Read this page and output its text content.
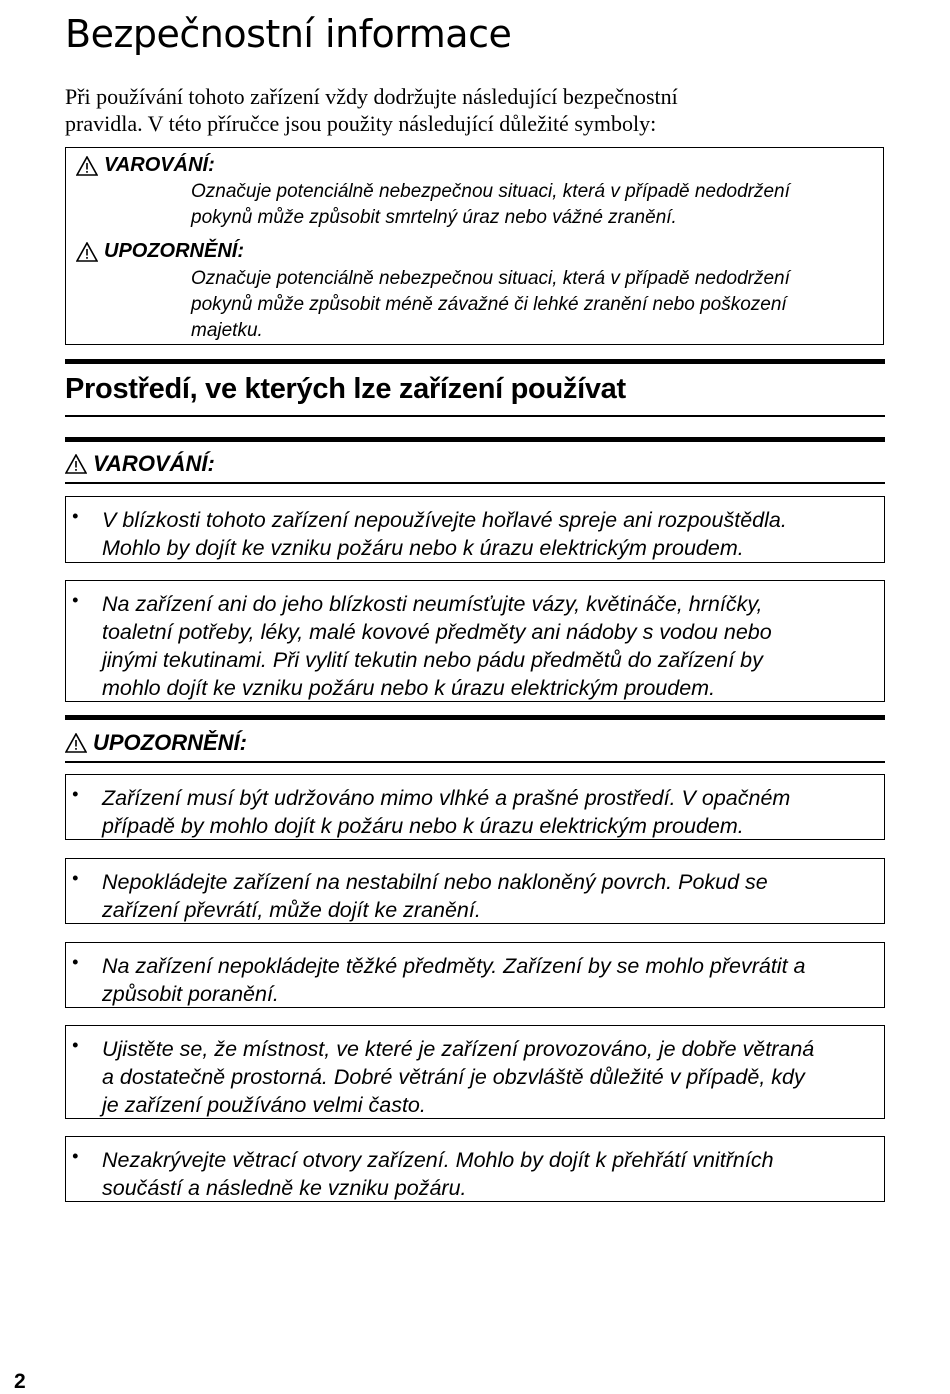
Bezpečnostní informace

Při používání tohoto zařízení vždy dodržujte následující bezpečnostní
pravidla. V této příručce jsou použity následující důležité symboly:

VAROVÁNÍ:

Označuje potenciálně nebezpečnou situaci, která v případě nedodržení
pokynů může způsobit smrtelný úraz nebo vážné zranění.

UPOZORNĚNÍ:

Označuje potenciálně nebezpečnou situaci, která v případě nedodržení
pokynů může způsobit méně závažné či lehké zranění nebo poškození
majetku.

Prostředí, ve kterých lze zařízení používat
VAROVÁNÍ:
• V blízkosti tohoto zařízení nepoužívejte hořlavé spreje ani rozpouštědla.
Mohlo by dojít ke vzniku požáru nebo k úrazu elektrickým proudem.

• Na zařízení ani do jeho blízkosti neumísťujte vázy, květináče, hrníčky,
toaletní potřeby, léky, malé kovové předměty ani nádoby s vodou nebo
jinými tekutinami. Při vylití tekutin nebo pádu předmětů do zařízení by
mohlo dojít ke vzniku požáru nebo k úrazu elektrickým proudem.

UPOZORNĚNÍ:
• Zařízení musí být udržováno mimo vlhké a prašné prostředí. V opačném
případě by mohlo dojít k požáru nebo k úrazu elektrickým proudem.

• Nepokládejte zařízení na nestabilní nebo nakloněný povrch. Pokud se
zařízení převrátí, může dojít ke zranění.

• Na zařízení nepokládejte těžké předměty. Zařízení by se mohlo převrátit a
způsobit poranění.

• Ujistěte se, že místnost, ve které je zařízení provozováno, je dobře větraná
a dostatečně prostorná. Dobré větrání je obzvláště důležité v případě, kdy
je zařízení používáno velmi často.

• Nezakrývejte větrací otvory zařízení. Mohlo by dojít k přehřátí vnitřních
součástí a následně ke vzniku požáru.

2
